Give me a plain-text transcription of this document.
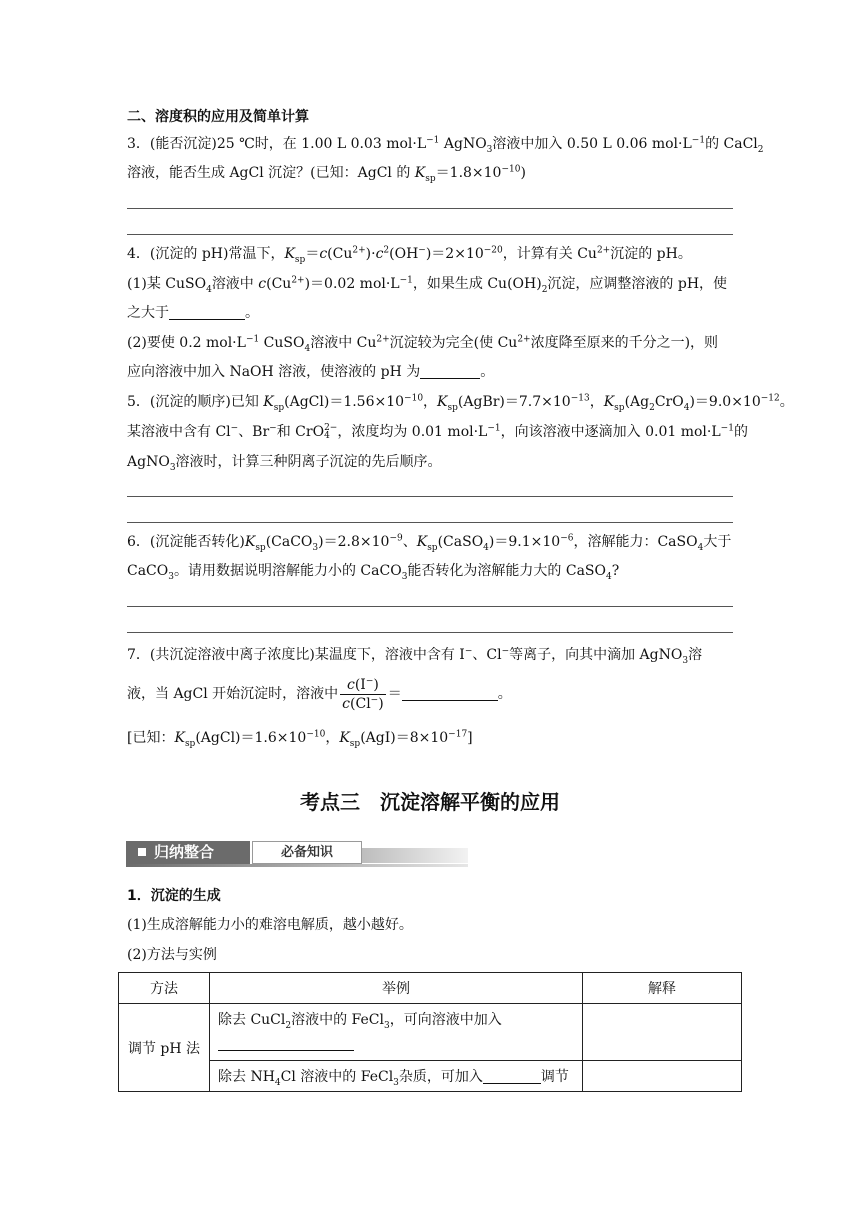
二、溶度积的应用及简单计算
3．(能否沉淀)25 ℃时，在 1.00 L 0.03 $mol\cdot L^{-1}$ AgNO$_3$溶液中加入 0.50 L 0.06 $mol\cdot L^{-1}$的 CaCl$_2$
溶液，能否生成 AgCl 沉淀？(已知：AgCl 的 $K_{sp}=1.8\times 10^{-10}$)
4．(沉淀的 pH)常温下，$K_{sp}=c(Cu^{2+})\cdot c^2(OH^-)=2\times 10^{-20}$，计算有关 $Cu^{2+}$沉淀的 pH。
(1)某 CuSO$_4$溶液中 $c(Cu^{2+})=0.02$ $mol\cdot L^{-1}$，如果生成 $Cu(OH)_2$沉淀，应调整溶液的 pH，使
之大于	。
(2)要使 0.2 $mol\cdot L^{-1}$ CuSO$_4$溶液中 $Cu^{2+}$沉淀较为完全(使 $Cu^{2+}$浓度降至原来的千分之一)，则
应向溶液中加入 NaOH 溶液，使溶液的 pH 为	。
5．(沉淀的顺序)已知 $K_{sp}(AgCl)=1.56\times 10^{-10}$，$K_{sp}(AgBr)=7.7\times 10^{-13}$，$K_{sp}(Ag_2CrO_4)=9.0\times 10^{-12}$。
某溶液中含有 Cl−、Br−和 CrO 2−
4 ，浓度均为 0.01 $mol\cdot L^{-1}$，向该溶液中逐滴加入 0.01 $mol\cdot L^{-1}$的
AgNO$_3$溶液时，计算三种阴离子沉淀的先后顺序。
6．(沉淀能否转化)$K_{sp}(CaCO_3)=2.8\times 10^{-9}$、$K_{sp}(CaSO_4)=9.1\times 10^{-6}$，溶解能力：CaSO$_4$大于
CaCO$_3$。请用数据说明溶解能力小的 CaCO$_3$能否转化为溶解能力大的 CaSO$_4$?
7．(共沉淀溶液中离子浓度比)某温度下，溶液中含有 I−、Cl−等离子，向其中滴加 AgNO$_3$溶
液，当 AgCl 开始沉淀时，溶液中 $\frac{c(I^-)}{c(Cl^-)}$ ＝	。
[已知：$K_{sp}(AgCl)=1.6\times 10^{-10}$，$K_{sp}(AgI)=8\times 10^{-17}$]
考点三　沉淀溶解平衡的应用
归纳整合	必备知识
1．沉淀的生成
(1)生成溶解能力小的难溶电解质，越小越好。
(2)方法与实例
方法	举例	解释
调节 pH 法	除去 CuCl$_2$溶液中的 FeCl$_3$，可向溶液中加入

	除去 $NH_4Cl$ 溶液中的 FeCl$_3$杂质，可加入 调节	
